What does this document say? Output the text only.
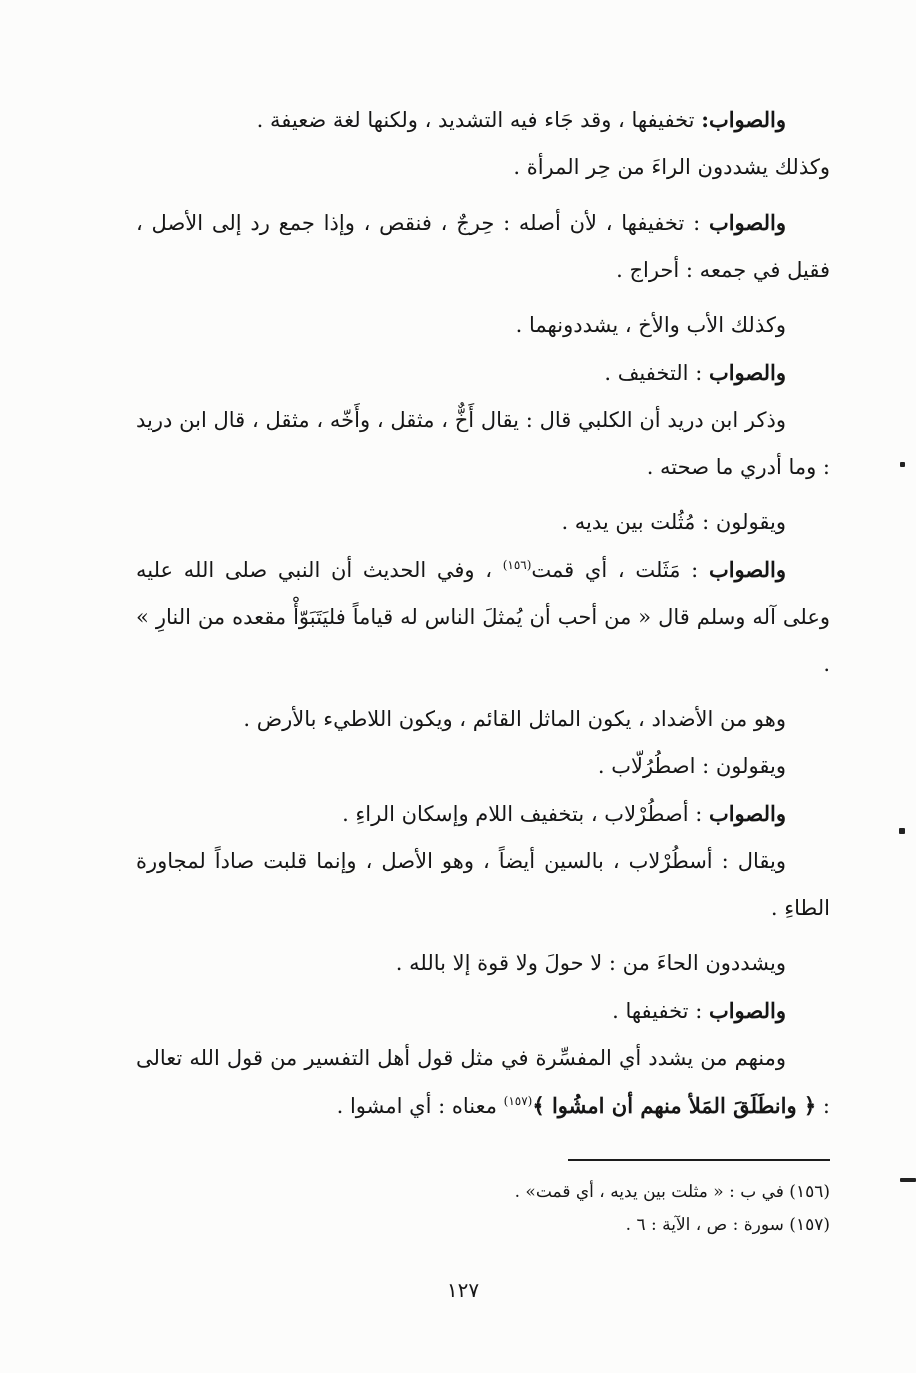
والصواب: تخفيفها ، وقد جَاء فيه التشديد ، ولكنها لغة ضعيفة .

وكذلك يشددون الراءَ من حِر المرأة .

والصواب : تخفيفها ، لأن أصله : حِرجٌ ، فنقص ، وإذا جمع رد إلى الأصل ، فقيل في جمعه : أحراج .

وكذلك الأب والأخ ، يشددونهما .

والصواب : التخفيف .

وذكر ابن دريد أن الكلبي قال : يقال أَخٌّ ، مثقل ، وأَخّه ، مثقل ، قال ابن دريد : وما أدري ما صحته .

ويقولون : مُثُلت بين يديه .

والصواب : مَثَلت ، أي قمت$^{(١٥٦)}$ ، وفي الحديث أن النبي صلى الله عليه وعلى آله وسلم قال « من أحب أن يُمثلَ الناس له قياماً فليَتَبَوّأْ مقعده من النارِ » .

وهو من الأضداد ، يكون الماثل القائم ، ويكون اللاطيء بالأرض .

ويقولون : اصطُرُلّاب .

والصواب : أصطُرْلاب ، بتخفيف اللام وإسكان الراءِ .

ويقال : أسطُرْلاب ، بالسين أيضاً ، وهو الأصل ، وإنما قلبت صاداً لمجاورة الطاءِ .

ويشددون الحاءَ من : لا حولَ ولا قوة إلا بالله .

والصواب : تخفيفها .

ومنهم من يشدد أي المفسِّرة في مثل قول أهل التفسير من قول الله تعالى : ﴿ وانطَلَقَ المَلأ منهم أن امشُوا ﴾$^{(١٥٧)}$ معناه : أي امشوا .

(١٥٦) في ب : « مثلت بين يديه ، أي قمت» .

(١٥٧) سورة : ص ، الآية : ٦ .

١٢٧
